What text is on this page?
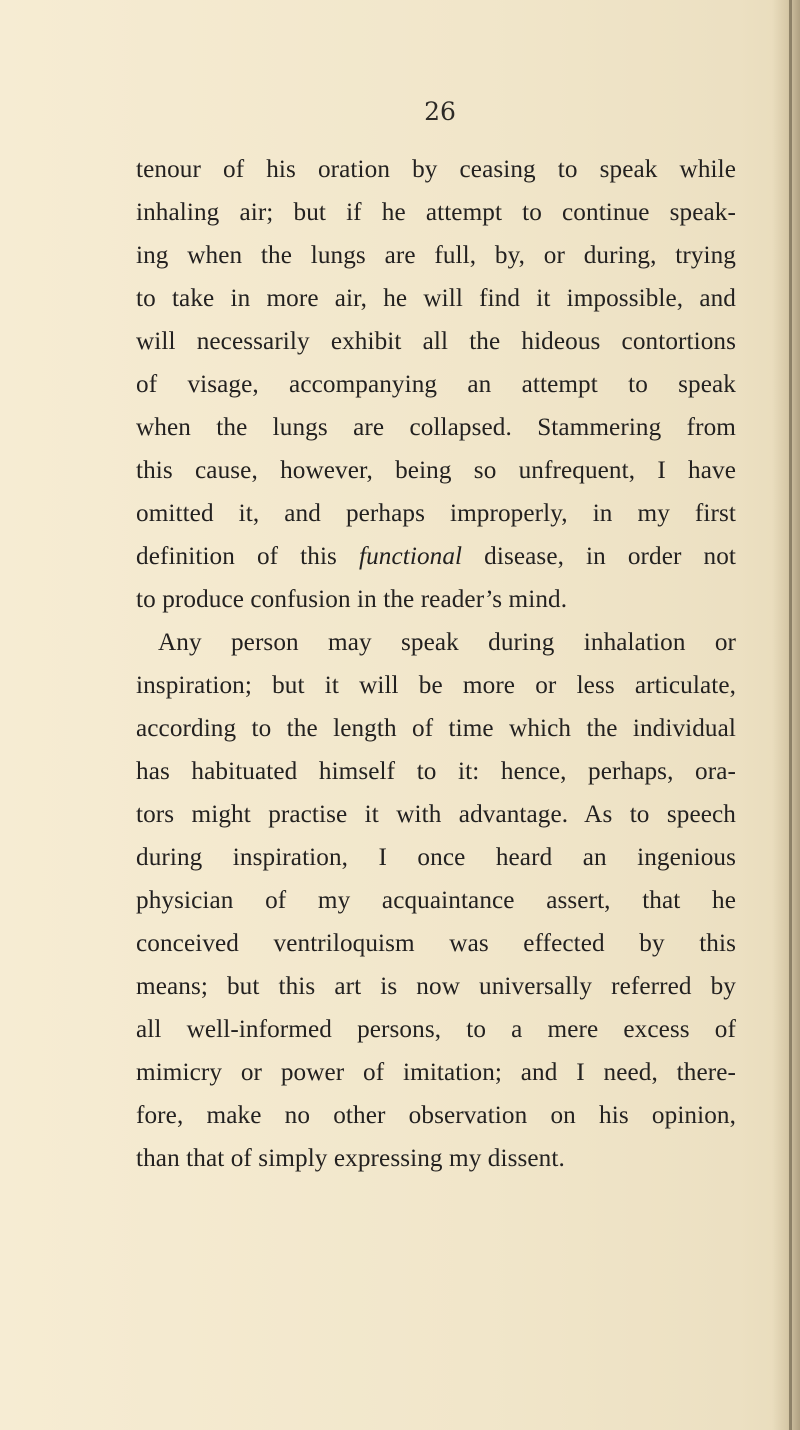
26

tenour of his oration by ceasing to speak while
inhaling air; but if he attempt to continue speak-
ing when the lungs are full, by, or during, trying
to take in more air, he will find it impossible, and
will necessarily exhibit all the hideous contortions
of visage, accompanying an attempt to speak
when the lungs are collapsed. Stammering from
this cause, however, being so unfrequent, I have
omitted it, and perhaps improperly, in my first
definition of this functional disease, in order not
to produce confusion in the reader’s mind.
Any person may speak during inhalation or
inspiration; but it will be more or less articulate,
according to the length of time which the individual
has habituated himself to it: hence, perhaps, ora-
tors might practise it with advantage. As to speech
during inspiration, I once heard an ingenious
physician of my acquaintance assert, that he
conceived ventriloquism was effected by this
means; but this art is now universally referred by
all well-informed persons, to a mere excess of
mimicry or power of imitation; and I need, there-
fore, make no other observation on his opinion,
than that of simply expressing my dissent.
